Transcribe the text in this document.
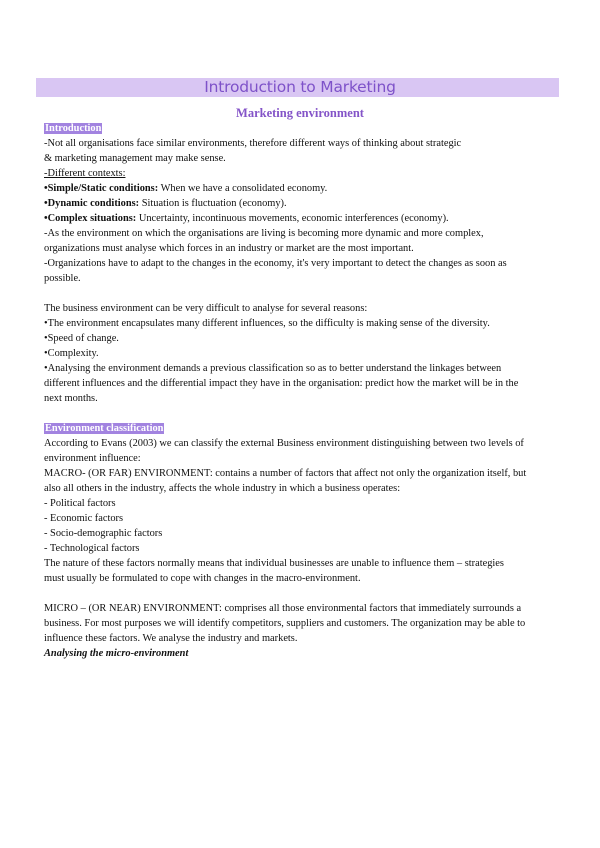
Introduction to Marketing
Marketing environment

Introduction

-Not all organisations face similar environments, therefore different ways of thinking about strategic

& marketing management may make sense.

-Different contexts:

•Simple/Static conditions: When we have a consolidated economy.

•Dynamic conditions: Situation is fluctuation (economy).

•Complex situations: Uncertainty, incontinuous movements, economic interferences (economy).

-As the environment on which the organisations are living is becoming more dynamic and more complex,

organizations must analyse which forces in an industry or market are the most important.

-Organizations have to adapt to the changes in the economy, it's very important to detect the changes as soon as

possible.

The business environment can be very difficult to analyse for several reasons:

•The environment encapsulates many different influences, so the difficulty is making sense of the diversity.

•Speed of change.

•Complexity.

•Analysing the environment demands a previous classification so as to better understand the linkages between

different influences and the differential impact they have in the organisation: predict how the market will be in the

next months.

Environment classification

According to Evans (2003) we can classify the external Business environment distinguishing between two levels of

environment influence:

MACRO- (OR FAR) ENVIRONMENT: contains a number of factors that affect not only the organization itself, but

also all others in the industry, affects the whole industry in which a business operates:

- Political factors

- Economic factors

- Socio-demographic factors

- Technological factors

The nature of these factors normally means that individual businesses are unable to influence them – strategies

must usually be formulated to cope with changes in the macro-environment.

MICRO – (OR NEAR) ENVIRONMENT: comprises all those environmental factors that immediately surrounds a

business. For most purposes we will identify competitors, suppliers and customers. The organization may be able to

influence these factors. We analyse the industry and markets.

Analysing the micro-environment
